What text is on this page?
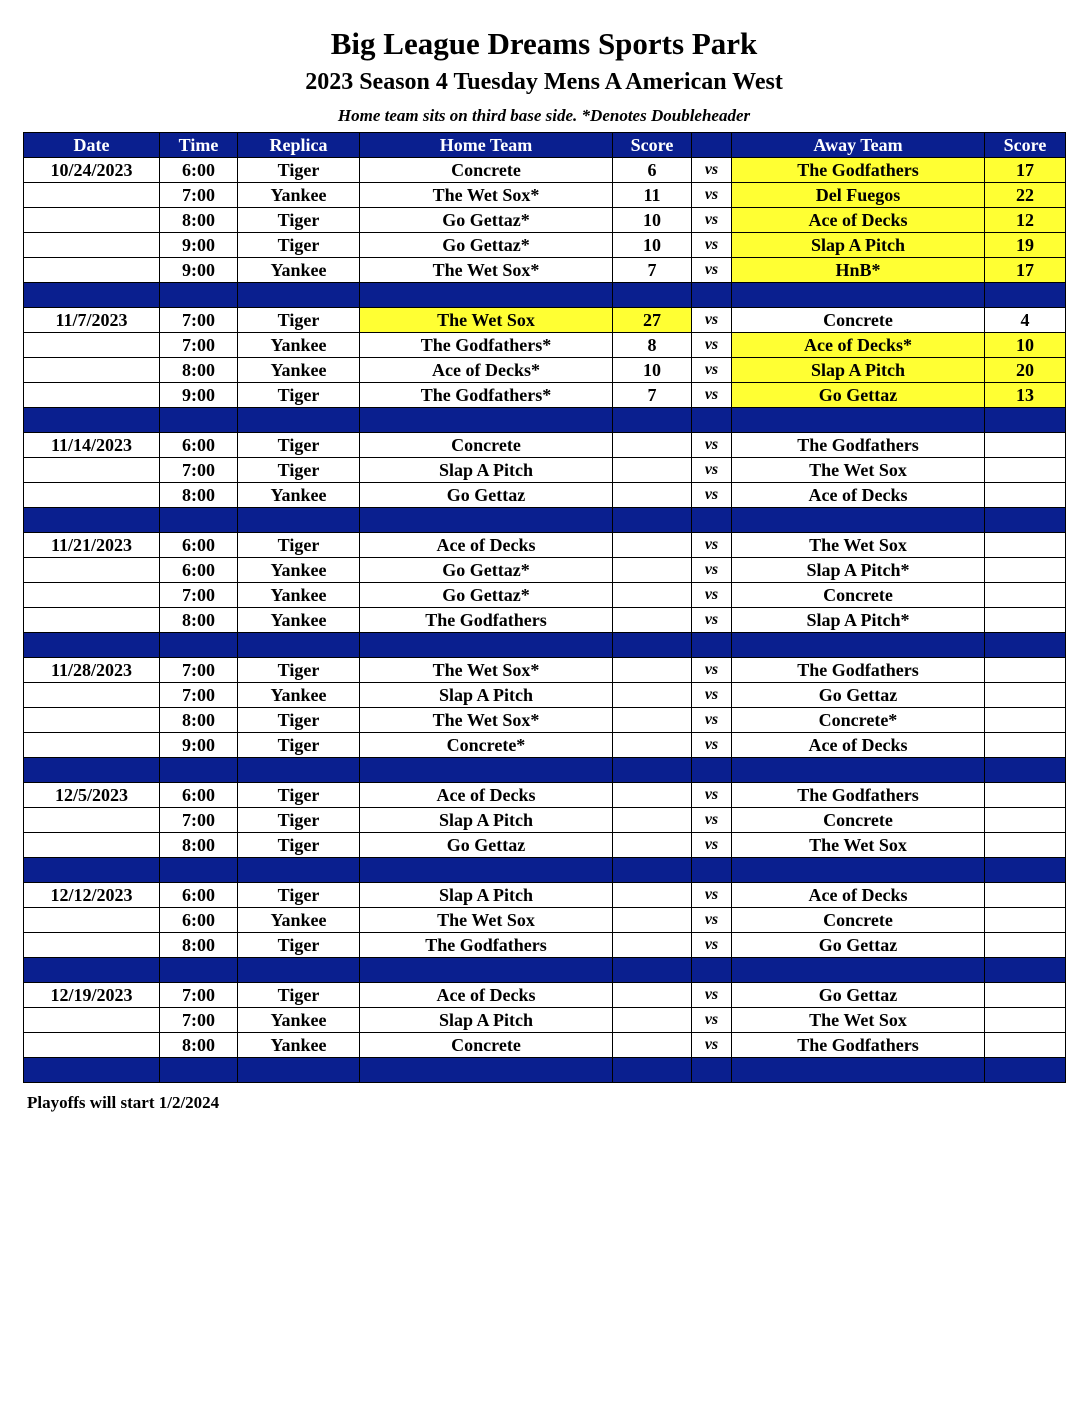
Big League Dreams Sports Park
2023 Season 4 Tuesday Mens A American West
Home team sits on third base side. *Denotes Doubleheader
Date	Time	Replica	Home Team	Score		Away Team	Score
10/24/2023	6:00	Tiger	Concrete	6	vs	The Godfathers	17
	7:00	Yankee	The Wet Sox*	11	vs	Del Fuegos	22
	8:00	Tiger	Go Gettaz*	10	vs	Ace of Decks	12
	9:00	Tiger	Go Gettaz*	10	vs	Slap A Pitch	19
	9:00	Yankee	The Wet Sox*	7	vs	HnB*	17

11/7/2023	7:00	Tiger	The Wet Sox	27	vs	Concrete	4
	7:00	Yankee	The Godfathers*	8	vs	Ace of Decks*	10
	8:00	Yankee	Ace of Decks*	10	vs	Slap A Pitch	20
	9:00	Tiger	The Godfathers*	7	vs	Go Gettaz	13

11/14/2023	6:00	Tiger	Concrete		vs	The Godfathers	
	7:00	Tiger	Slap A Pitch		vs	The Wet Sox	
	8:00	Yankee	Go Gettaz		vs	Ace of Decks	

11/21/2023	6:00	Tiger	Ace of Decks		vs	The Wet Sox	
	6:00	Yankee	Go Gettaz*		vs	Slap A Pitch*	
	7:00	Yankee	Go Gettaz*		vs	Concrete	
	8:00	Yankee	The Godfathers		vs	Slap A Pitch*	

11/28/2023	7:00	Tiger	The Wet Sox*		vs	The Godfathers	
	7:00	Yankee	Slap A Pitch		vs	Go Gettaz	
	8:00	Tiger	The Wet Sox*		vs	Concrete*	
	9:00	Tiger	Concrete*		vs	Ace of Decks	

12/5/2023	6:00	Tiger	Ace of Decks		vs	The Godfathers	
	7:00	Tiger	Slap A Pitch		vs	Concrete	
	8:00	Tiger	Go Gettaz		vs	The Wet Sox	

12/12/2023	6:00	Tiger	Slap A Pitch		vs	Ace of Decks	
	6:00	Yankee	The Wet Sox		vs	Concrete	
	8:00	Tiger	The Godfathers		vs	Go Gettaz	

12/19/2023	7:00	Tiger	Ace of Decks		vs	Go Gettaz	
	7:00	Yankee	Slap A Pitch		vs	The Wet Sox	
	8:00	Yankee	Concrete		vs	The Godfathers	

Playoffs will start 1/2/2024
